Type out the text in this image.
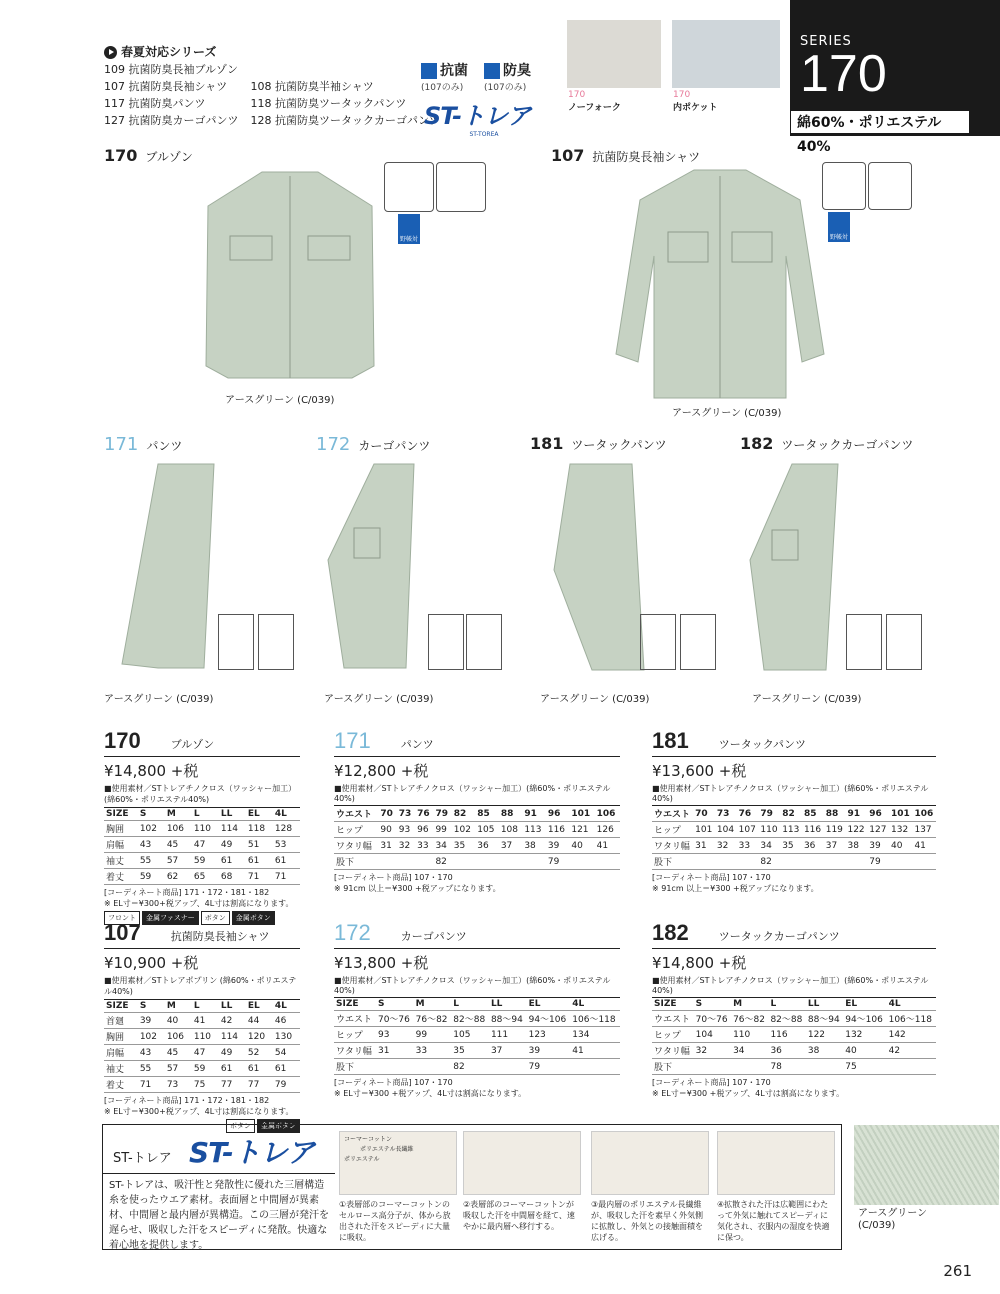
春夏対応シリーズ
109 抗菌防臭長袖ブルゾン
107 抗菌防臭長袖シャツ
117 抗菌防臭パンツ
127 抗菌防臭カーゴパンツ
108 抗菌防臭半袖シャツ
118 抗菌防臭ツータックパンツ
128 抗菌防臭ツータックカーゴパンツ
抗菌
(107のみ)
防臭
(107のみ)
ST-トレア
ST-TOREA
170
ノーフォーク
170
内ポケット
SERIES
170
綿60%・ポリエステル40%
170 ブルゾン
野帳対応
アースグリーン (C/039)
107 抗菌防臭長袖シャツ
野帳対応
アースグリーン (C/039)
171 パンツ
アースグリーン (C/039)
172 カーゴパンツ
アースグリーン (C/039)
181 ツータックパンツ
アースグリーン (C/039)
182 ツータックカーゴパンツ
アースグリーン (C/039)
170	ブルゾン
¥14,800 +税
■使用素材／STトレアチノクロス（ワッシャー加工）(綿60%・ポリエステル40%)
SIZE	S	M	L	LL	EL	4L
胸囲	102	106	110	114	118	128
肩幅	43	45	47	49	51	53
袖丈	55	57	59	61	61	61
着丈	59	62	65	68	71	71
[コーディネート商品] 171・172・181・182
※ EL寸＝¥300+税アップ、4L寸は割高になります。
フロント	金属ファスナー	ボタン	金属ボタン
171	パンツ
¥12,800 +税
■使用素材／STトレアチノクロス（ワッシャー加工）(綿60%・ポリエステル40%)
ウエスト	70	73	76	79	82	85	88	91	96	101	106
ヒップ	90	93	96	99	102	105	108	113	116	121	126
ワタリ幅	31	32	33	34	35	36	37	38	39	40	41
股下				82					79		
[コーディネート商品] 107・170
※ 91cm 以上＝¥300 +税アップになります。
181	ツータックパンツ
¥13,600 +税
■使用素材／STトレアチノクロス（ワッシャー加工）(綿60%・ポリエステル40%)
ウエスト	70	73	76	79	82	85	88	91	96	101	106
ヒップ	101	104	107	110	113	116	119	122	127	132	137
ワタリ幅	31	32	33	34	35	36	37	38	39	40	41
股下				82					79		
[コーディネート商品] 107・170
※ 91cm 以上＝¥300 +税アップになります。
107	抗菌防臭長袖シャツ
¥10,900 +税
■使用素材／STトレアポプリン (綿60%・ポリエステル40%)
SIZE	S	M	L	LL	EL	4L
首廻	39	40	41	42	44	46
胸囲	102	106	110	114	120	130
肩幅	43	45	47	49	52	54
袖丈	55	57	59	61	61	61
着丈	71	73	75	77	77	79
[コーディネート商品] 171・172・181・182
※ EL寸＝¥300+税アップ、4L寸は割高になります。
ボタン	金属ボタン
172	カーゴパンツ
¥13,800 +税
■使用素材／STトレアチノクロス（ワッシャー加工）(綿60%・ポリエステル40%)
SIZE	S	M	L	LL	EL	4L
ウエスト	70～76	76～82	82～88	88～94	94～106	106～118
ヒップ	93	99	105	111	123	134
ワタリ幅	31	33	35	37	39	41
股下			82		79	
[コーディネート商品] 107・170
※ EL寸＝¥300 +税アップ、4L寸は割高になります。
182	ツータックカーゴパンツ
¥14,800 +税
■使用素材／STトレアチノクロス（ワッシャー加工）(綿60%・ポリエステル40%)
SIZE	S	M	L	LL	EL	4L
ウエスト	70～76	76～82	82～88	88～94	94～106	106～118
ヒップ	104	110	116	122	132	142
ワタリ幅	32	34	36	38	40	42
股下			78		75	
[コーディネート商品] 107・170
※ EL寸＝¥300 +税アップ、4L寸は割高になります。
ST-トレア ST-トレア
ST-トレアは、吸汗性と発散性に優れた三層構造糸を使ったウエア素材。表面層と中間層が異素材、中間層と最内層が異構造。この三層が発汗を遅らせ、吸収した汗をスピーディに発散。快適な着心地を提供します。
コーマーコットン
ポリエステル
ポリエステル長繊維
①表層部のコーマーコットンのセルロース高分子が、体から放出された汗をスピーディに大量に吸収。
②表層部のコーマーコットンが吸収した汗を中間層を経て、速やかに最内層へ移行する。
③最内層のポリエステル長繊維が、吸収した汗を素早く外気側に拡散し、外気との接触面積を広げる。
④拡散された汗は広範囲にわたって外気に触れてスピーディに気化され、衣服内の湿度を快適に保つ。
アースグリーン
(C/039)
261
